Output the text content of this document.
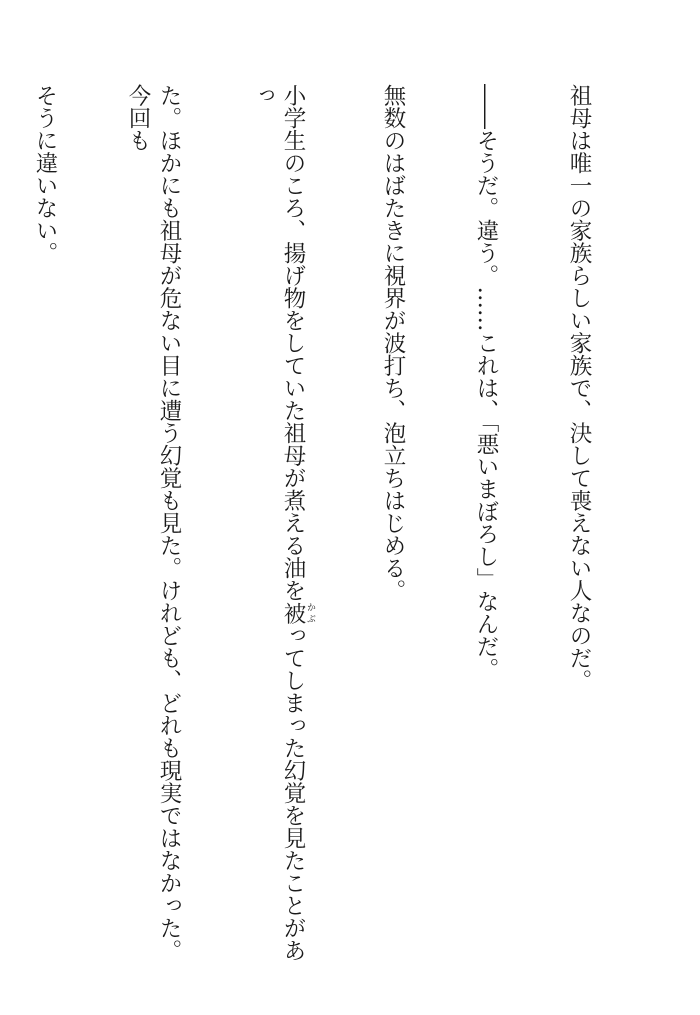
祖母は唯一の家族らしい家族で、決して喪えない人なのだ。

――そうだ。違う。……これは、「悪いまぼろし」なんだ。

無数のはばたきに視界が波打ち、泡立ちはじめる。

小学生のころ、揚げ物をしていた祖母が煮える油を被 かぶってしまった幻覚を見たことがあっ

た。ほかにも祖母が危ない目に遭う幻覚も見た。けれども、どれも現実ではなかった。今回も

そうに違いない。
